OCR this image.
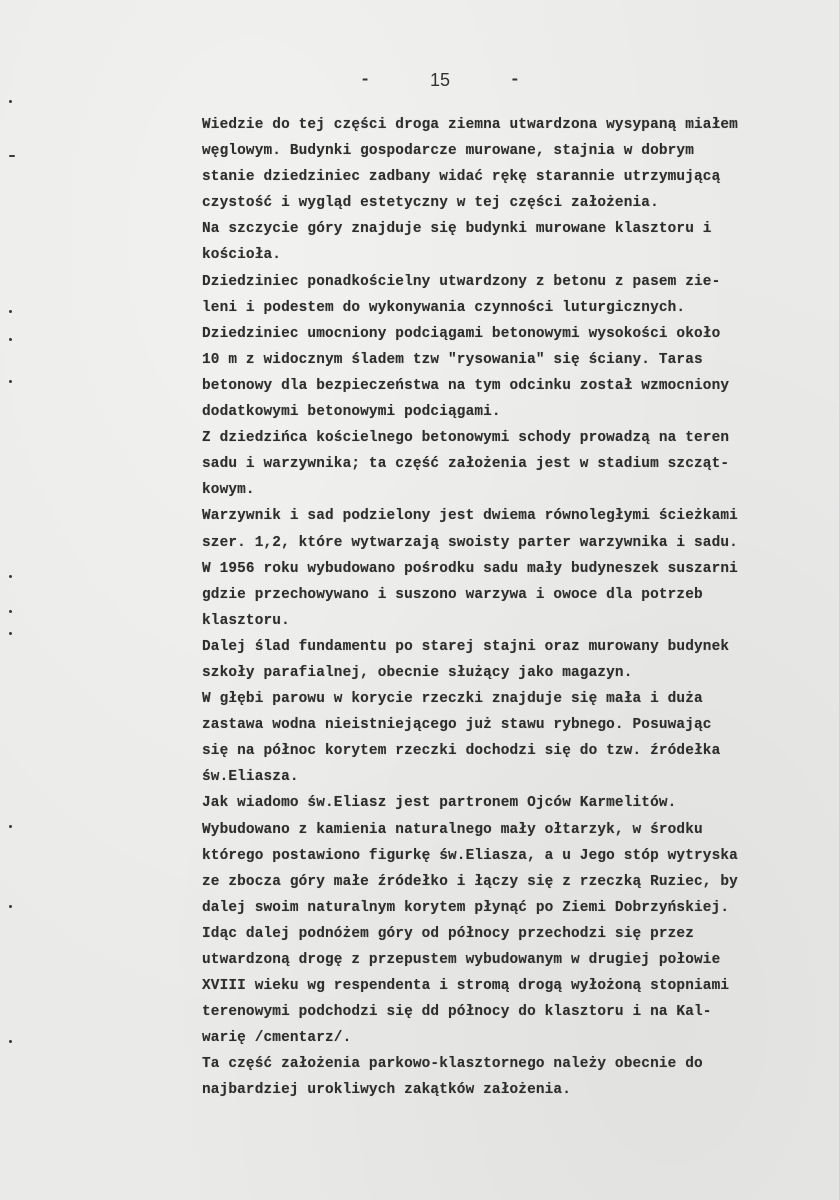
-	15	-
Wiedzie do tej części droga ziemna utwardzona wysypaną miałem
węglowym. Budynki gospodarcze murowane, stajnia w dobrym
stanie dziedziniec zadbany widać rękę starannie utrzymującą
czystość i wygląd estetyczny w tej części założenia.
Na szczycie góry znajduje się budynki murowane klasztoru i
kościoła.
Dziedziniec ponadkościelny utwardzony z betonu z pasem zie-
leni i podestem do wykonywania czynności luturgicznych.
Dziedziniec umocniony podciągami betonowymi wysokości około
10 m z widocznym śladem tzw "rysowania" się ściany. Taras
betonowy dla bezpieczeństwa na tym odcinku został wzmocniony
dodatkowymi betonowymi podciągami.
Z dziedzińca kościelnego betonowymi schody prowadzą na teren
sadu i warzywnika; ta część założenia jest w stadium szcząt-
kowym.
Warzywnik i sad podzielony jest dwiema równoległymi ścieżkami
szer. 1,2, które wytwarzają swoisty parter warzywnika i sadu.
W 1956 roku wybudowano pośrodku sadu mały budyneszek suszarni
gdzie przechowywano i suszono warzywa i owoce dla potrzeb
klasztoru.
Dalej ślad fundamentu po starej stajni oraz murowany budynek
szkoły parafialnej, obecnie służący jako magazyn.
W głębi parowu w korycie rzeczki znajduje się mała i duża
zastawa wodna nieistniejącego już stawu rybnego. Posuwając
się na północ korytem rzeczki dochodzi się do tzw. źródełka
św.Eliasza.
Jak wiadomo św.Eliasz jest partronem Ojców Karmelitów.
Wybudowano z kamienia naturalnego mały ołtarzyk, w środku
którego postawiono figurkę św.Eliasza, a u Jego stóp wytryska
ze zbocza góry małe źródełko i łączy się z rzeczką Ruziec, by
dalej swoim naturalnym korytem płynąć po Ziemi Dobrzyńskiej.
Idąc dalej podnóżem góry od północy przechodzi się przez
utwardzoną drogę z przepustem wybudowanym w drugiej połowie
XVIII wieku wg respendenta i stromą drogą wyłożoną stopniami
terenowymi podchodzi się dd północy do klasztoru i na Kal-
warię /cmentarz/.
Ta część założenia parkowo-klasztornego należy obecnie do
najbardziej urokliwych zakątków założenia.
